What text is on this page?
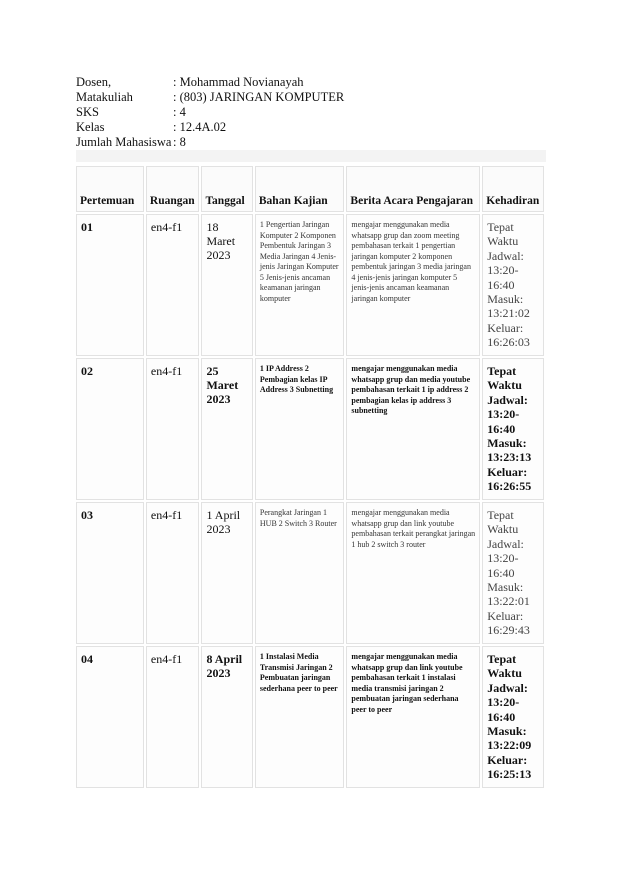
Dosen,	: Mohammad Novianayah
Matakuliah	: (803) JARINGAN KOMPUTER
SKS	: 4
Kelas	: 12.4A.02
Jumlah Mahasiswa : 8
Pertemuan	Ruangan	Tanggal	Bahan Kajian	Berita Acara Pengajaran	Kehadiran
01	en4-f1	18 Maret 2023	1 Pengertian Jaringan Komputer 2 Komponen Pembentuk Jaringan 3 Media Jaringan 4 Jenis-jenis Jaringan Komputer 5 Jenis-jenis ancaman keamanan jaringan komputer	mengajar menggunakan media whatsapp grup dan zoom meeting pembahasan terkait 1 pengertian jaringan komputer 2 komponen pembentuk jaringan 3 media jaringan 4 jenis-jenis jaringan komputer 5 jenis-jenis ancaman keamanan jaringan komputer	Tepat Waktu Jadwal: 13:20-16:40 Masuk: 13:21:02 Keluar: 16:26:03
02	en4-f1	25 Maret 2023	1 IP Address 2 Pembagian kelas IP Address 3 Subnetting	mengajar menggunakan media whatsapp grup dan media youtube pembahasan terkait 1 ip address 2 pembagian kelas ip address 3 subnetting	Tepat Waktu Jadwal: 13:20-16:40 Masuk: 13:23:13 Keluar: 16:26:55
03	en4-f1	1 April 2023	Perangkat Jaringan 1 HUB 2 Switch 3 Router	mengajar menggunakan media whatsapp grup dan link youtube pembahasan terkait perangkat jaringan 1 hub 2 switch 3 router	Tepat Waktu Jadwal: 13:20-16:40 Masuk: 13:22:01 Keluar: 16:29:43
04	en4-f1	8 April 2023	1 Instalasi Media Transmisi Jaringan 2 Pembuatan jaringan sederhana peer to peer	mengajar menggunakan media whatsapp grup dan link youtube pembahasan terkait 1 instalasi media transmisi jaringan 2 pembuatan jaringan sederhana peer to peer	Tepat Waktu Jadwal: 13:20-16:40 Masuk: 13:22:09 Keluar: 16:25:13
